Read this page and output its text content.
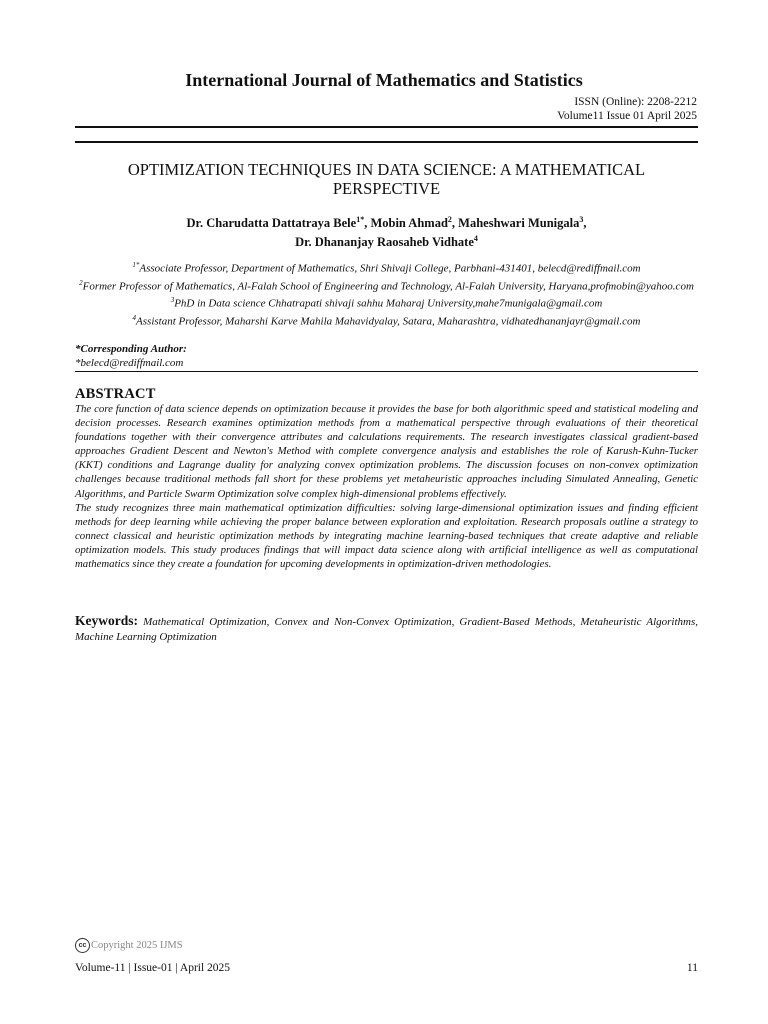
International Journal of Mathematics and Statistics
ISSN (Online): 2208-2212
Volume11 Issue 01 April 2025
OPTIMIZATION TECHNIQUES IN DATA SCIENCE: A MATHEMATICAL PERSPECTIVE
Dr. Charudatta Dattatraya Bele$^{1*}$, Mobin Ahmad$^2$, Maheshwari Munigala$^3$,
Dr. Dhananjay Raosaheb Vidhate$^4$
$^{1*}$Associate Professor, Department of Mathematics, Shri Shivaji College, Parbhani-431401, belecd@rediffmail.com
$^2$Former Professor of Mathematics, Al-Falah School of Engineering and Technology, Al-Falah University, Haryana,profmobin@yahoo.com
$^3$PhD in Data science Chhatrapati shivaji sahhu Maharaj University,mahe7munigala@gmail.com
$^4$Assistant Professor, Maharshi Karve Mahila Mahavidyalay, Satara, Maharashtra, vidhatedhananjayr@gmail.com
*Corresponding Author:
*belecd@rediffmail.com
ABSTRACT

The core function of data science depends on optimization because it provides the base for both algorithmic speed and statistical modeling and decision processes. Research examines optimization methods from a mathematical perspective through evaluations of their theoretical foundations together with their convergence attributes and calculations requirements. The research investigates classical gradient-based approaches Gradient Descent and Newton's Method with complete convergence analysis and establishes the role of Karush-Kuhn-Tucker (KKT) conditions and Lagrange duality for analyzing convex optimization problems. The discussion focuses on non-convex optimization challenges because traditional methods fall short for these problems yet metaheuristic approaches including Simulated Annealing, Genetic Algorithms, and Particle Swarm Optimization solve complex high-dimensional problems effectively.

The study recognizes three main mathematical optimization difficulties: solving large-dimensional optimization issues and finding efficient methods for deep learning while achieving the proper balance between exploration and exploitation. Research proposals outline a strategy to connect classical and heuristic optimization methods by integrating machine learning-based techniques that create adaptive and reliable optimization models. This study produces findings that will impact data science along with artificial intelligence as well as computational mathematics since they create a foundation for upcoming developments in optimization-driven methodologies.

Keywords: Mathematical Optimization, Convex and Non-Convex Optimization, Gradient-Based Methods, Metaheuristic Algorithms, Machine Learning Optimization
cc Copyright 2025 IJMS
Volume-11 | Issue-01 | April 2025	11
